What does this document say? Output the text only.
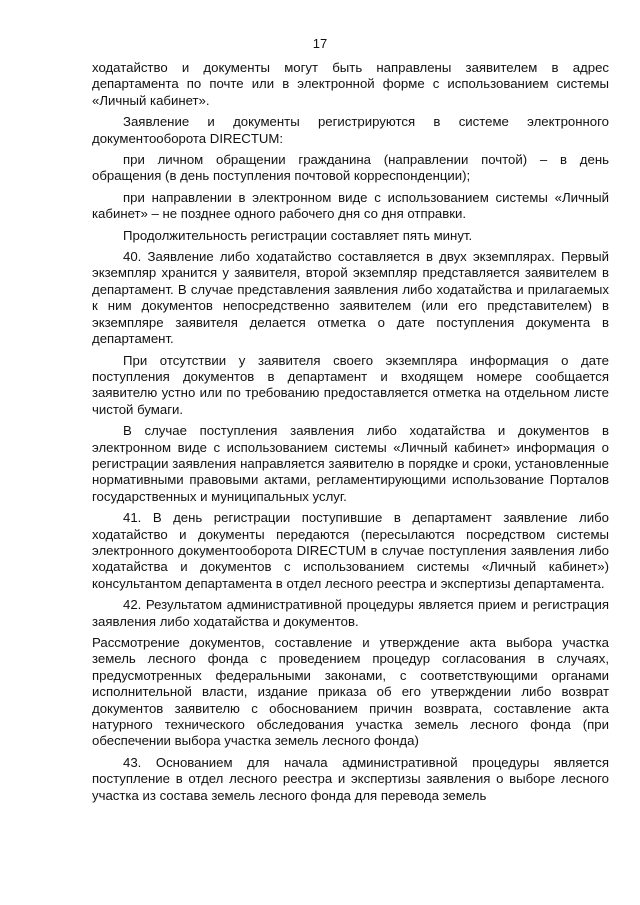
17

ходатайство и документы могут быть направлены заявителем в адрес департамента по почте или в электронной форме с использованием системы «Личный кабинет».

Заявление и документы регистрируются в системе электронного документооборота DIRECTUM:

при личном обращении гражданина (направлении почтой) – в день обращения (в день поступления почтовой корреспонденции);

при направлении в электронном виде с использованием системы «Личный кабинет» – не позднее одного рабочего дня со дня отправки.

Продолжительность регистрации составляет пять минут.

40. Заявление либо ходатайство составляется в двух экземплярах. Первый экземпляр хранится у заявителя, второй экземпляр представляется заявителем в департамент. В случае представления заявления либо ходатайства и прилагаемых к ним документов непосредственно заявителем (или его представителем) в экземпляре заявителя делается отметка о дате поступления документа в департамент.

При отсутствии у заявителя своего экземпляра информация о дате поступления документов в департамент и входящем номере сообщается заявителю устно или по требованию предоставляется отметка на отдельном листе чистой бумаги.

В случае поступления заявления либо ходатайства и документов в электронном виде с использованием системы «Личный кабинет» информация о регистрации заявления направляется заявителю в порядке и сроки, установленные нормативными правовыми актами, регламентирующими использование Порталов государственных и муниципальных услуг.

41. В день регистрации поступившие в департамент заявление либо ходатайство и документы передаются (пересылаются посредством системы электронного документооборота DIRECTUM в случае поступления заявления либо ходатайства и документов с использованием системы «Личный кабинет») консультантом департамента в отдел лесного реестра и экспертизы департамента.

42. Результатом административной процедуры является прием и регистрация заявления либо ходатайства и документов.

Рассмотрение документов, составление и утверждение акта выбора участка земель лесного фонда с проведением процедур согласования в случаях, предусмотренных федеральными законами, с соответствующими органами исполнительной власти, издание приказа об его утверждении либо возврат документов заявителю с обоснованием причин возврата, составление акта натурного технического обследования участка земель лесного фонда (при обеспечении выбора участка земель лесного фонда)

43. Основанием для начала административной процедуры является поступление в отдел лесного реестра и экспертизы заявления о выборе лесного участка из состава земель лесного фонда для перевода земель
